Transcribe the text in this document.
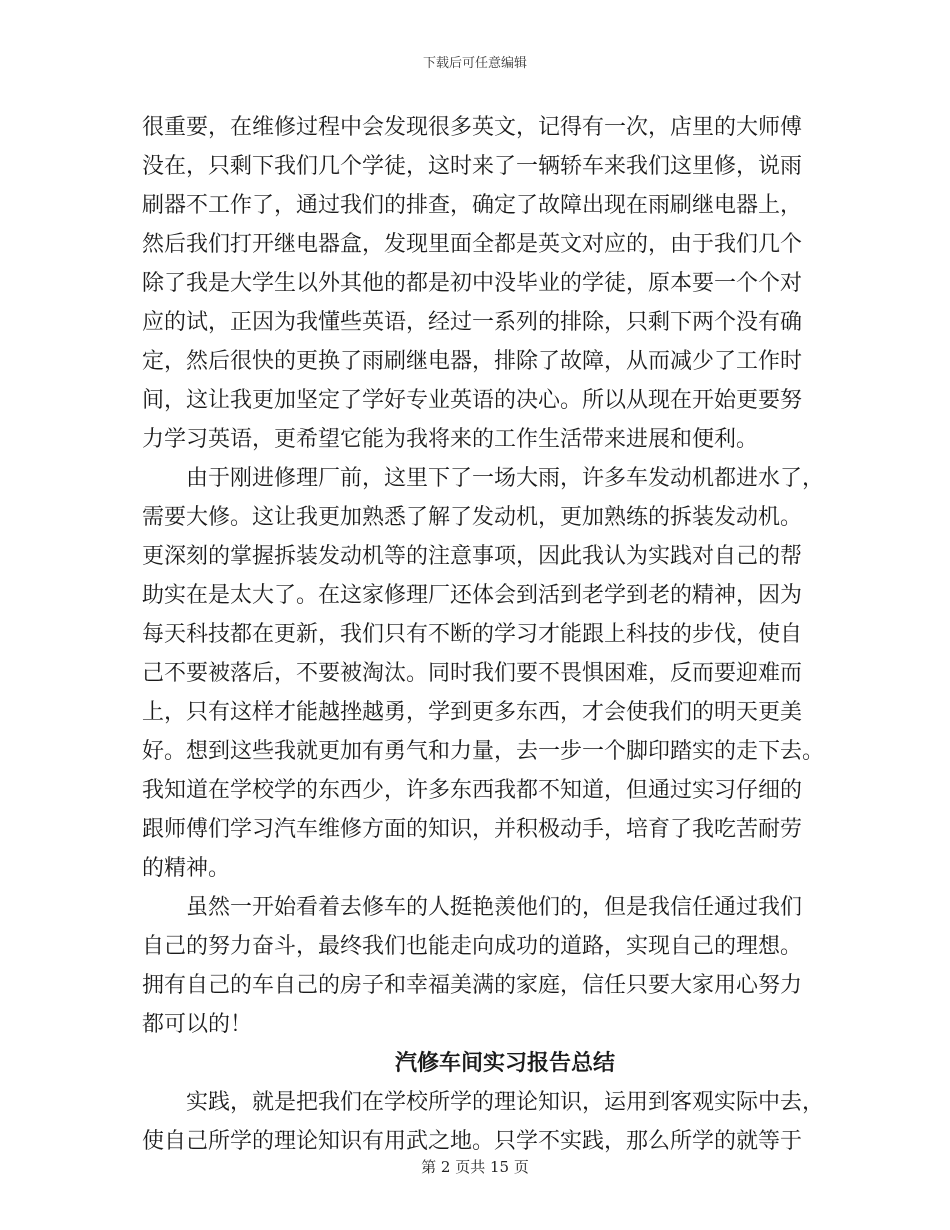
下载后可任意编辑
很重要，在维修过程中会发现很多英文，记得有一次，店里的大师傅
没在，只剩下我们几个学徒，这时来了一辆轿车来我们这里修，说雨
刷器不工作了，通过我们的排查，确定了故障出现在雨刷继电器上，
然后我们打开继电器盒，发现里面全都是英文对应的，由于我们几个
除了我是大学生以外其他的都是初中没毕业的学徒，原本要一个个对
应的试，正因为我懂些英语，经过一系列的排除，只剩下两个没有确
定，然后很快的更换了雨刷继电器，排除了故障，从而减少了工作时
间，这让我更加坚定了学好专业英语的决心。所以从现在开始更要努
力学习英语，更希望它能为我将来的工作生活带来进展和便利。
由于刚进修理厂前，这里下了一场大雨，许多车发动机都进水了，
需要大修。这让我更加熟悉了解了发动机，更加熟练的拆装发动机。
更深刻的掌握拆装发动机等的注意事项，因此我认为实践对自己的帮
助实在是太大了。在这家修理厂还体会到活到老学到老的精神，因为
每天科技都在更新，我们只有不断的学习才能跟上科技的步伐，使自
己不要被落后，不要被淘汰。同时我们要不畏惧困难，反而要迎难而
上，只有这样才能越挫越勇，学到更多东西，才会使我们的明天更美
好。想到这些我就更加有勇气和力量，去一步一个脚印踏实的走下去。
我知道在学校学的东西少，许多东西我都不知道，但通过实习仔细的
跟师傅们学习汽车维修方面的知识，并积极动手，培育了我吃苦耐劳
的精神。
虽然一开始看着去修车的人挺艳羡他们的，但是我信任通过我们
自己的努力奋斗，最终我们也能走向成功的道路，实现自己的理想。
拥有自己的车自己的房子和幸福美满的家庭，信任只要大家用心努力
都可以的！
汽修车间实习报告总结
实践，就是把我们在学校所学的理论知识，运用到客观实际中去，
使自己所学的理论知识有用武之地。只学不实践，那么所学的就等于
第 2 页共 15 页
